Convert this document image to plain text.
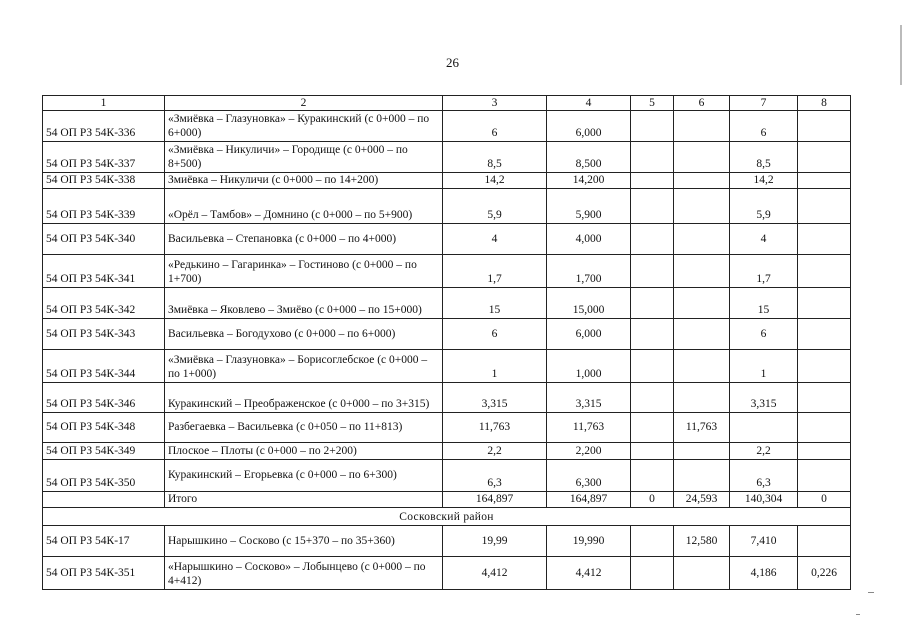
26
1	2	3	4	5	6	7	8
54 ОП РЗ 54К-336	«Змиёвка – Глазуновка» – Куракинский (с 0+000 – по 6+000)	6	6,000			6	
54 ОП РЗ 54К-337	«Змиёвка – Никуличи» – Городище (с 0+000 – по 8+500)	8,5	8,500			8,5	
54 ОП РЗ 54К-338	Змиёвка – Никуличи (с 0+000 – по 14+200)	14,2	14,200			14,2	
54 ОП РЗ 54К-339	«Орёл – Тамбов» – Домнино (с 0+000 – по 5+900)	5,9	5,900			5,9	
54 ОП РЗ 54К-340	Васильевка – Степановка (с 0+000 – по 4+000)	4	4,000			4	
54 ОП РЗ 54К-341	«Редькино – Гагаринка» – Гостиново (с 0+000 – по 1+700)	1,7	1,700			1,7	
54 ОП РЗ 54К-342	Змиёвка – Яковлево – Змиёво (с 0+000 – по 15+000)	15	15,000			15	
54 ОП РЗ 54К-343	Васильевка – Богодухово (с 0+000 – по 6+000)	6	6,000			6	
54 ОП РЗ 54К-344	«Змиёвка – Глазуновка» – Борисоглебское (с 0+000 – по 1+000)	1	1,000			1	
54 ОП РЗ 54К-346	Куракинский – Преображенское (с 0+000 – по 3+315)	3,315	3,315			3,315	
54 ОП РЗ 54К-348	Разбегаевка – Васильевка (с 0+050 – по 11+813)	11,763	11,763		11,763		
54 ОП РЗ 54К-349	Плоское – Плоты (с 0+000 – по 2+200)	2,2	2,200			2,2	
54 ОП РЗ 54К-350	Куракинский – Егорьевка (с 0+000 – по 6+300)	6,3	6,300			6,3	
	Итого	164,897	164,897	0	24,593	140,304	0
Сосковский район							
54 ОП РЗ 54К-17	Нарышкино – Сосково (с 15+370 – по 35+360)	19,99	19,990		12,580	7,410	
54 ОП РЗ 54К-351	«Нарышкино – Сосково» – Лобынцево (с 0+000 – по 4+412)	4,412	4,412			4,186	0,226
